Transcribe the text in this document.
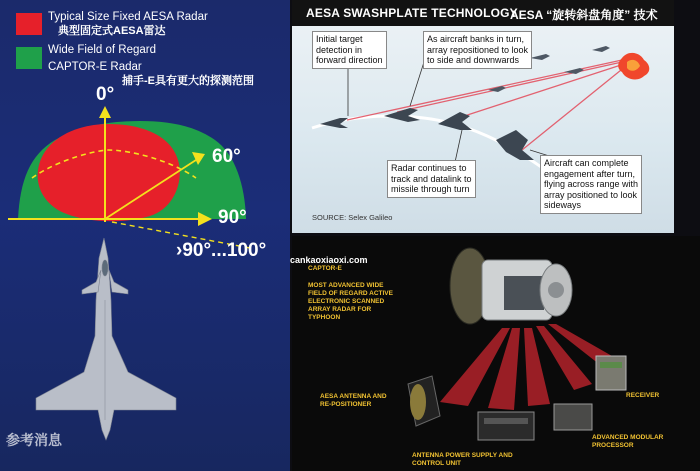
Typical Size Fixed AESA Radar
典型固定式AESA雷达
Wide Field of Regard
CAPTOR-E Radar
捕手-E具有更大的探测范围
0°
60°
90°
›90°...100°
参考消息
AESA SWASHPLATE TECHNOLOGY
AESA “旋转斜盘角度” 技术
Initial target
detection in
forward direction
As aircraft banks in turn,
array repositioned to look
to side and downwards
Radar continues to
track and datalink to
missile through turn
Aircraft can complete
engagement after turn,
flying across range with
array positioned to look
sideways
SOURCE: Selex Galileo
CAPTOR-E
MOST ADVANCED WIDE
FIELD OF REGARD ACTIVE
ELECTRONIC SCANNED
ARRAY RADAR FOR
TYPHOON
AESA ANTENNA AND
RE-POSITIONER
ANTENNA POWER SUPPLY AND
CONTROL UNIT
RECEIVER
ADVANCED MODULAR
PROCESSOR
cankaoxiaoxi.com
